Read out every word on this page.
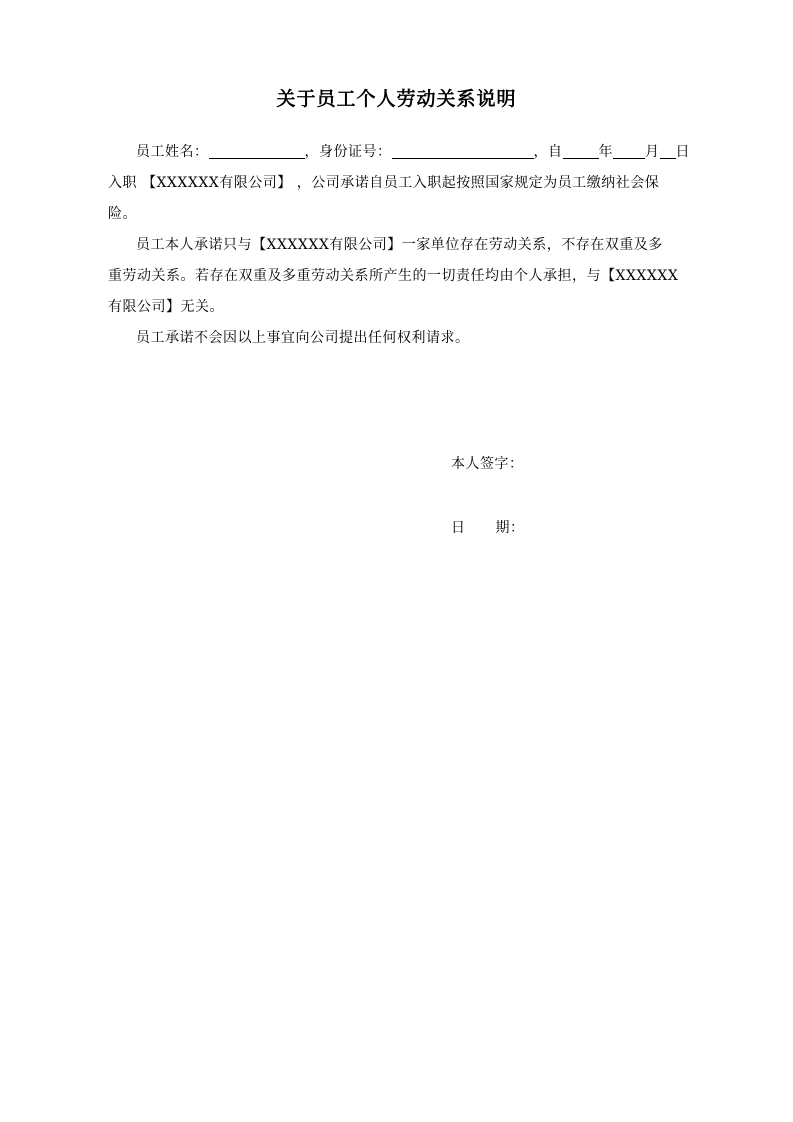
关于员工个人劳动关系说明
员工姓名：	，身份证号：	，自	年 月 日
入职 【XXXXXX有限公司】 ，公司承诺自员工入职起按照国家规定为员工缴纳社会保
险。
员工本人承诺只与【XXXXXX有限公司】一家单位存在劳动关系，不存在双重及多
重劳动关系。若存在双重及多重劳动关系所产生的一切责任均由个人承担，与【XXXXXX
有限公司】无关。
员工承诺不会因以上事宜向公司提出任何权利请求。
本人签字：
日 期：
